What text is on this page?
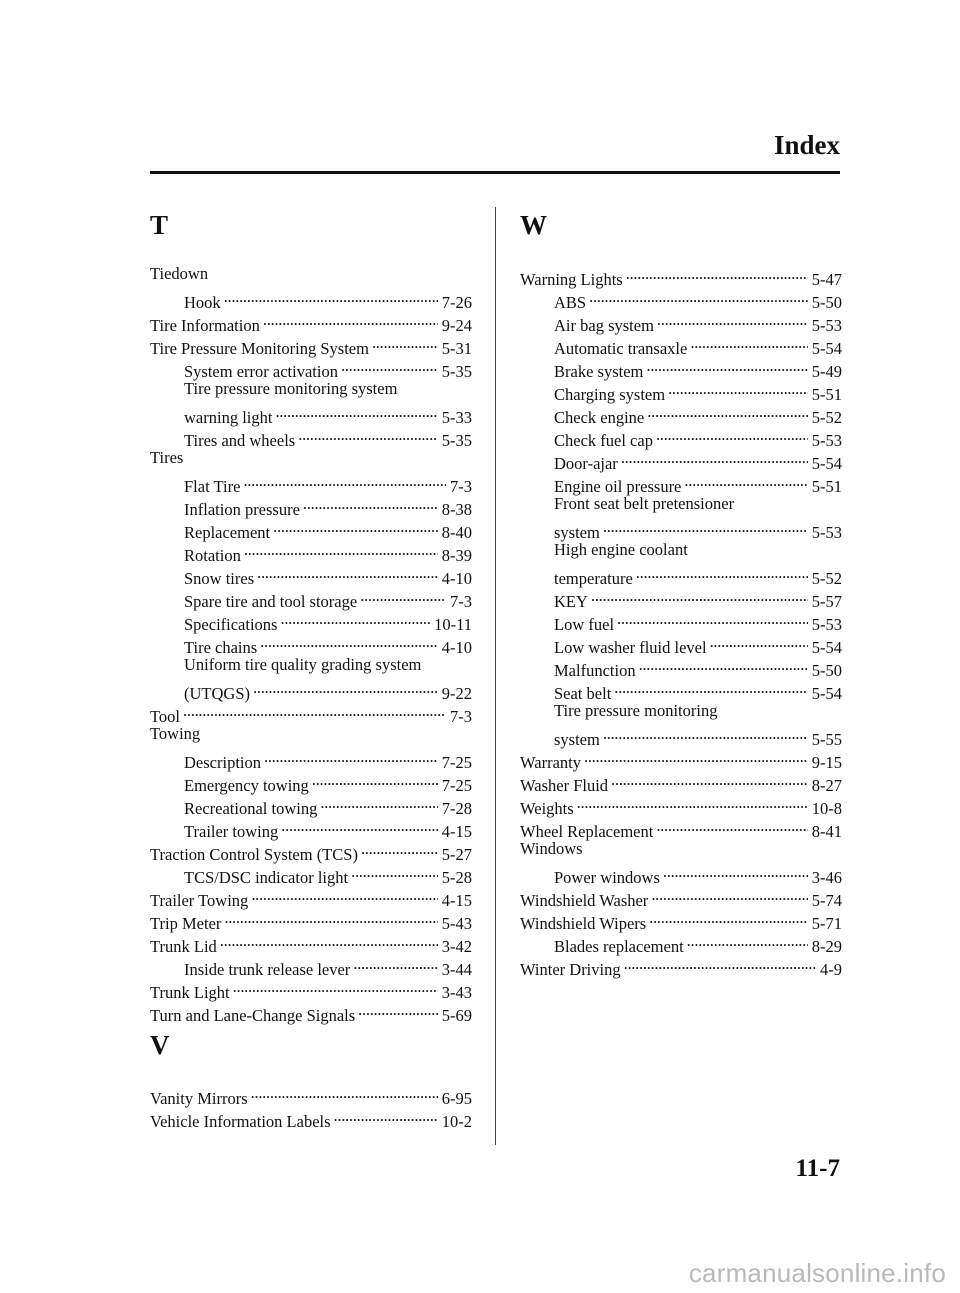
Index
T
Tiedown
Hook . . .	7-26
Tire Information . . .	9-24
Tire Pressure Monitoring System . . .	5-31
System error activation . . .	5-35
Tire pressure monitoring system
warning light . . .	5-33
Tires and wheels . . .	5-35
Tires
Flat Tire . . .	7-3
Inflation pressure . . .	8-38
Replacement . . .	8-40
Rotation . . .	8-39
Snow tires . . .	4-10
Spare tire and tool storage . . .	7-3
Specifications . . .	10-11
Tire chains . . .	4-10
Uniform tire quality grading system
(UTQGS) . . .	9-22
Tool . . .	7-3
Towing
Description . . .	7-25
Emergency towing . . .	7-25
Recreational towing . . .	7-28
Trailer towing . . .	4-15
Traction Control System (TCS) . . .	5-27
TCS/DSC indicator light . . .	5-28
Trailer Towing . . .	4-15
Trip Meter . . .	5-43
Trunk Lid . . .	3-42
Inside trunk release lever . . .	3-44
Trunk Light . . .	3-43
Turn and Lane-Change Signals . . .	5-69
V
Vanity Mirrors . . .	6-95
Vehicle Information Labels . . .	10-2
W
Warning Lights . . .	5-47
ABS . . .	5-50
Air bag system . . .	5-53
Automatic transaxle . . .	5-54
Brake system . . .	5-49
Charging system . . .	5-51
Check engine . . .	5-52
Check fuel cap . . .	5-53
Door-ajar . . .	5-54
Engine oil pressure . . .	5-51
Front seat belt pretensioner
system . . .	5-53
High engine coolant
temperature . . .	5-52
KEY . . .	5-57
Low fuel . . .	5-53
Low washer fluid level . . .	5-54
Malfunction . . .	5-50
Seat belt . . .	5-54
Tire pressure monitoring
system . . .	5-55
Warranty . . .	9-15
Washer Fluid . . .	8-27
Weights . . .	10-8
Wheel Replacement . . .	8-41
Windows
Power windows . . .	3-46
Windshield Washer . . .	5-74
Windshield Wipers . . .	5-71
Blades replacement . . .	8-29
Winter Driving . . .	4-9
11-7
carmanualsonline.info
